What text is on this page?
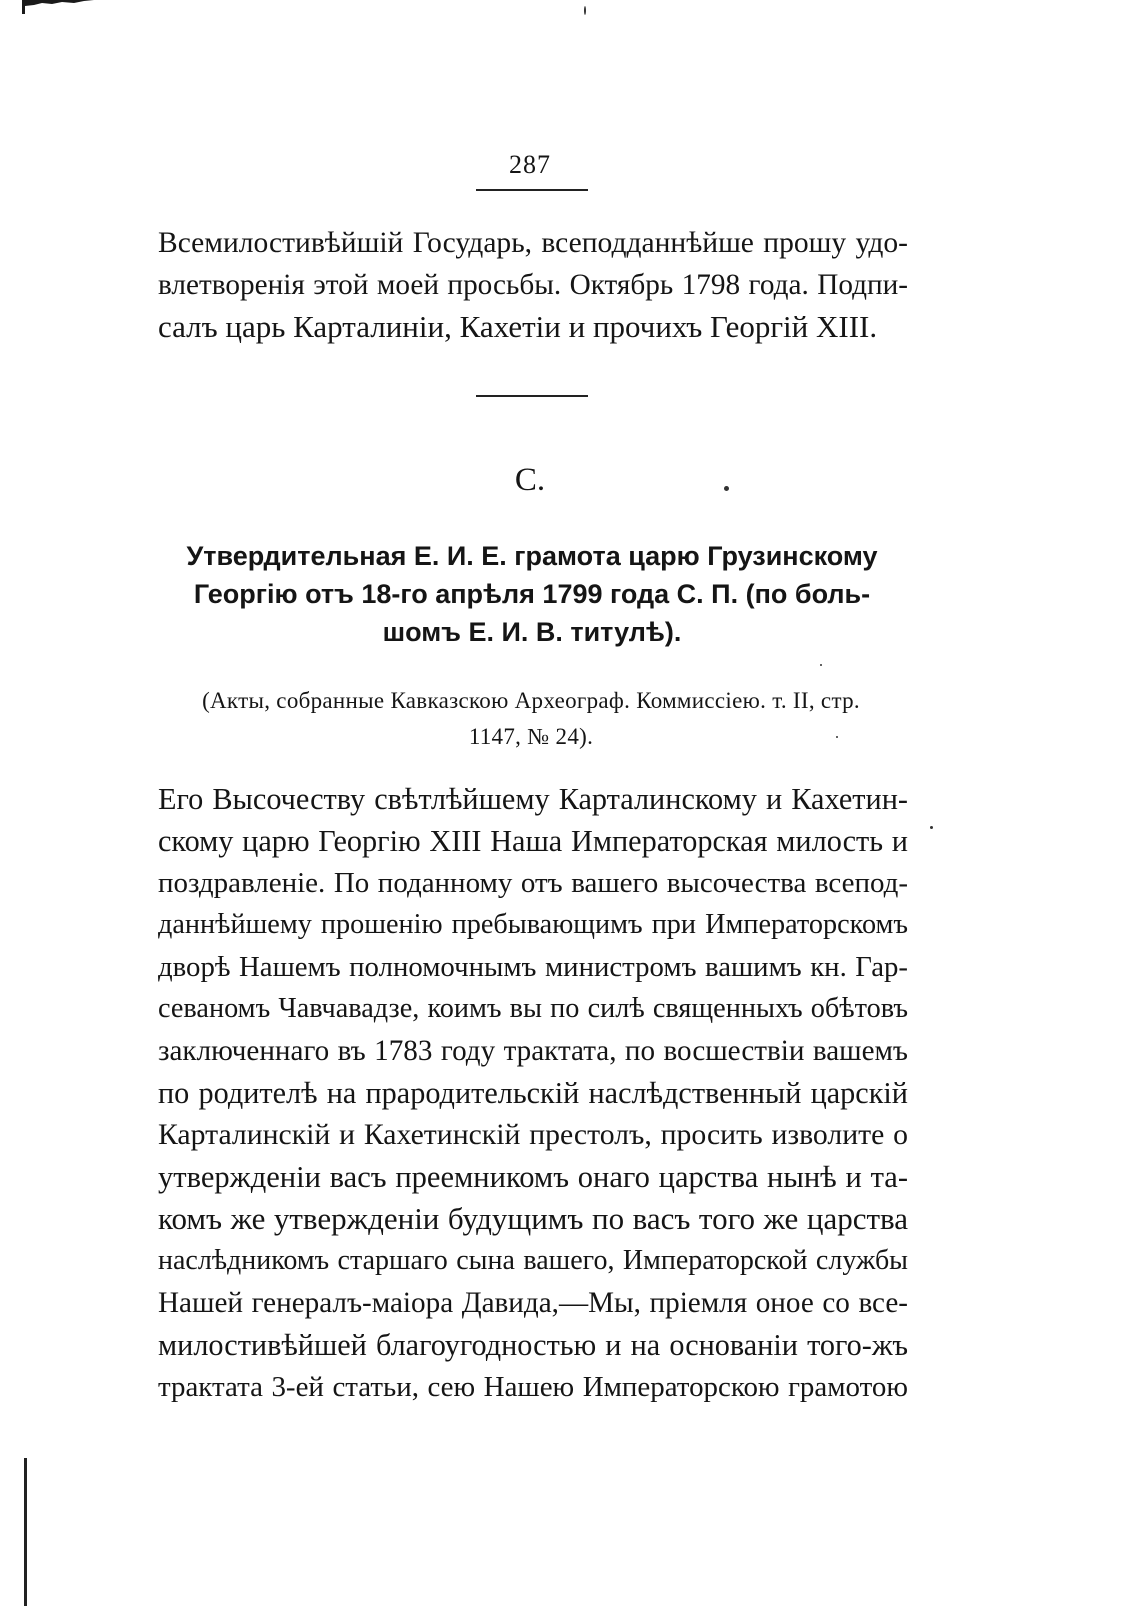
287
Всемилостивѣйшій Государь, всеподданнѣйше прошу удо-
влетворенія этой моей просьбы. Октябрь 1798 года. Подпи-
салъ царь Карталиніи, Кахетіи и прочихъ Георгій XIII.
C.
Утвердительная Е. И. Е. грамота царю Грузинскому
Георгію отъ 18-го апрѣля 1799 года С. П. (по боль-
шомъ Е. И. В. титулѣ).
(Акты, собранные Кавказскою Археограф. Коммиссіею. т. II, стр.
1147, № 24).
Его Высочеству свѣтлѣйшему Карталинскому и Кахетин-
скому царю Георгію XIII Наша Императорская милость и
поздравленіе. По поданному отъ вашего высочества всепод-
даннѣйшему прошенію пребывающимъ при Императорскомъ
дворѣ Нашемъ полномочнымъ министромъ вашимъ кн. Гар-
севаномъ Чавчавадзе, коимъ вы по силѣ священныхъ обѣтовъ
заключеннаго въ 1783 году трактата, по восшествіи вашемъ
по родителѣ на прародительскій наслѣдственный царскій
Карталинскій и Кахетинскій престолъ, просить изволите о
утвержденіи васъ преемникомъ онаго царства нынѣ и та-
комъ же утвержденіи будущимъ по васъ того же царства
наслѣдникомъ старшаго сына вашего, Императорской службы
Нашей генералъ-маіора Давида,—Мы, пріемля оное со все-
милостивѣйшей благоугодностью и на основаніи того-жъ
трактата 3-ей статьи, сею Нашею Императорскою грамотою
